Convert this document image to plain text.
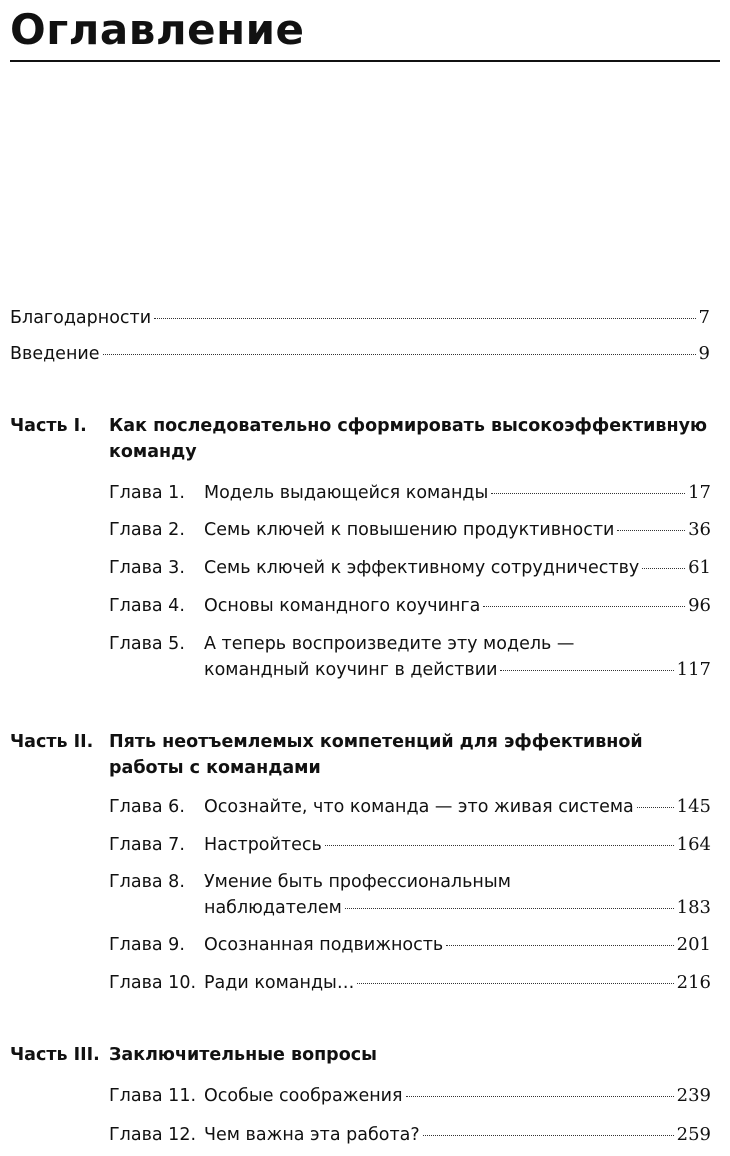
Оглавление
Благодарности	7
Введение	9
Часть I. Как последовательно сформировать высокоэффективную команду
Глава 1. Модель выдающейся команды	17
Глава 2. Семь ключей к повышению продуктивности	36
Глава 3. Семь ключей к эффективному сотрудничеству	61
Глава 4. Основы командного коучинга	96
Глава 5. А теперь воспроизведите эту модель —
командный коучинг в действии	117
Часть II. Пять неотъемлемых компетенций для эффективной работы с командами
Глава 6. Осознайте, что команда — это живая система 145
Глава 7. Настройтесь	164
Глава 8. Умение быть профессиональным
наблюдателем	183
Глава 9. Осознанная подвижность	201
Глава 10. Ради команды…	216
Часть III. Заключительные вопросы
Глава 11. Особые соображения	239
Глава 12. Чем важна эта работа?	259
